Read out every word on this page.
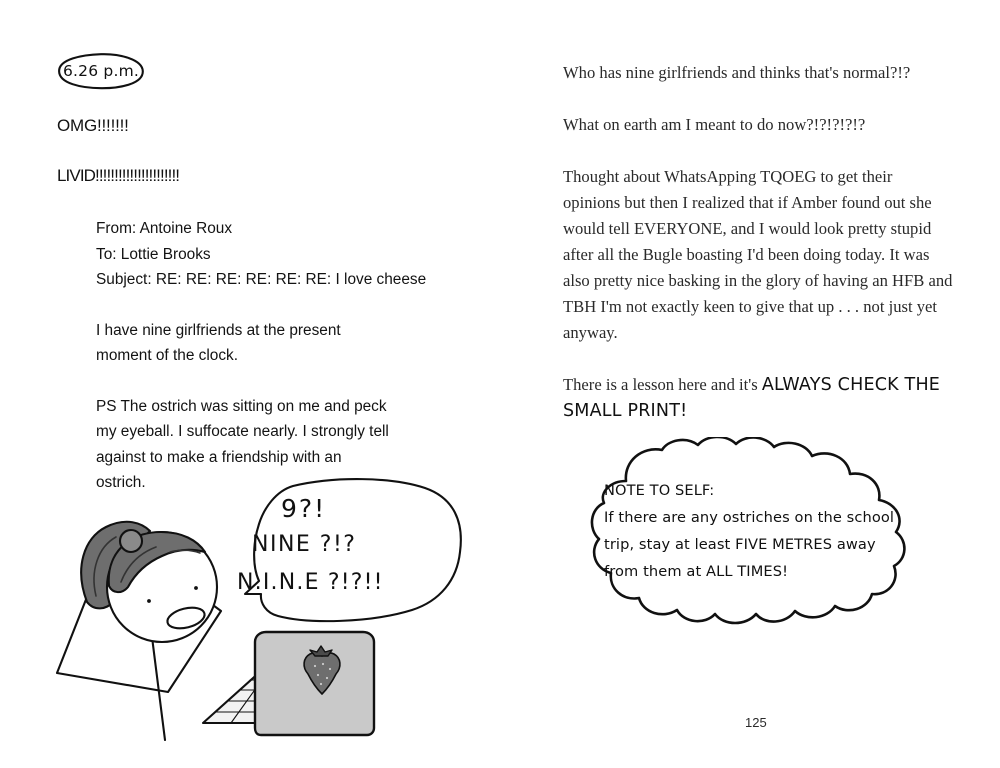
6.26 p.m.

OMG!!!!!!!

LIVID!!!!!!!!!!!!!!!!!!!!!!

From: Antoine Roux

To: Lottie Brooks

Subject: RE: RE: RE: RE: RE: RE: I love cheese

I have nine girlfriends at the present moment of the clock.

PS The ostrich was sitting on me and peck my eyeball. I suffocate nearly. I strongly tell against to make a friendship with an ostrich.

9?!
NINE ?!?
N.I.N.E ?!?!!

Who has nine girlfriends and thinks that's normal?!?

What on earth am I meant to do now?!?!?!?!?

Thought about WhatsApping TQOEG to get their opinions but then I realized that if Amber found out she would tell EVERYONE, and I would look pretty stupid after all the Bugle boasting I'd been doing today. It was also pretty nice basking in the glory of having an HFB and TBH I'm not exactly keen to give that up . . . not just yet anyway.

There is a lesson here and it's ALWAYS CHECK THE SMALL PRINT!

NOTE TO SELF:
If there are any ostriches on the school
trip, stay at least FIVE METRES away
from them at ALL TIMES!
125
